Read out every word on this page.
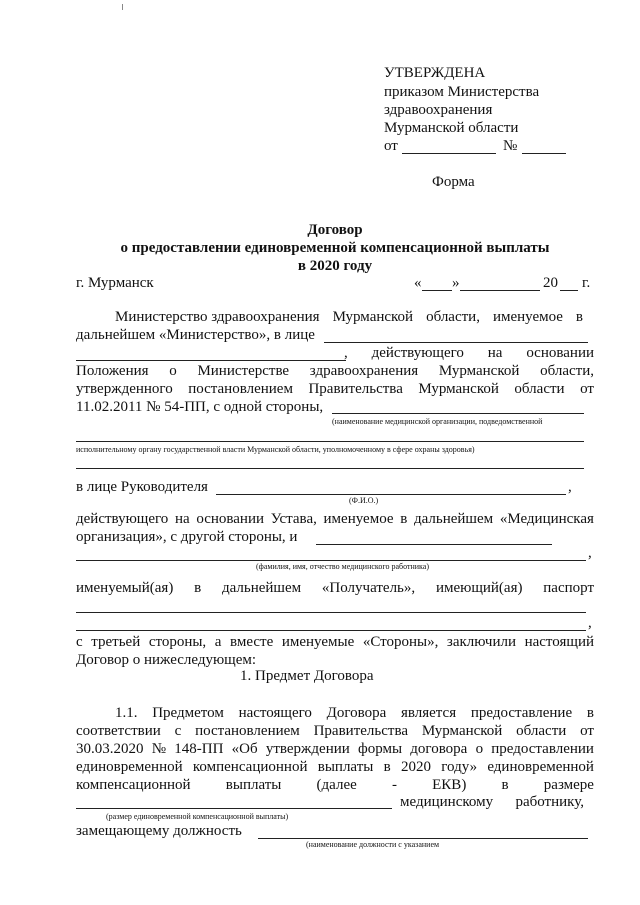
УТВЕРЖДЕНА
приказом Министерства
здравоохранения
Мурманской области
от	№
Форма
Договор
о предоставлении единовременной компенсационной выплаты
в 2020 году
г. Мурманск	« »	20 г.
Министерство здравоохранения Мурманской области, именуемое в
дальнейшем «Министерство», в лице
, действующего на основании
Положения о Министерстве здравоохранения Мурманской области,
утвержденного постановлением Правительства Мурманской области от
11.02.2011 № 54-ПП, с одной стороны,
(наименование медицинской организации, подведомственной
исполнительному органу государственной власти Мурманской области, уполномоченному в сфере охраны здоровья)
в лице Руководителя	,
(Ф.И.О.)
действующего на основании Устава, именуемое в дальнейшем «Медицинская
организация», с другой стороны, и
,
(фамилия, имя, отчество медицинского работника)
именуемый(ая) в дальнейшем «Получатель», имеющий(ая) паспорт
,
с третьей стороны, а вместе именуемые «Стороны», заключили настоящий
Договор о нижеследующем:
1. Предмет Договора
1.1. Предметом настоящего Договора является предоставление в
соответствии с постановлением Правительства Мурманской области от
30.03.2020 № 148-ПП «Об утверждении формы договора о предоставлении
единовременной компенсационной выплаты в 2020 году» единовременной
компенсационной выплаты (далее - ЕКВ) в размере
медицинскому работнику,
(размер единовременной компенсационной выплаты)
замещающему должность
(наименование должности с указанием
